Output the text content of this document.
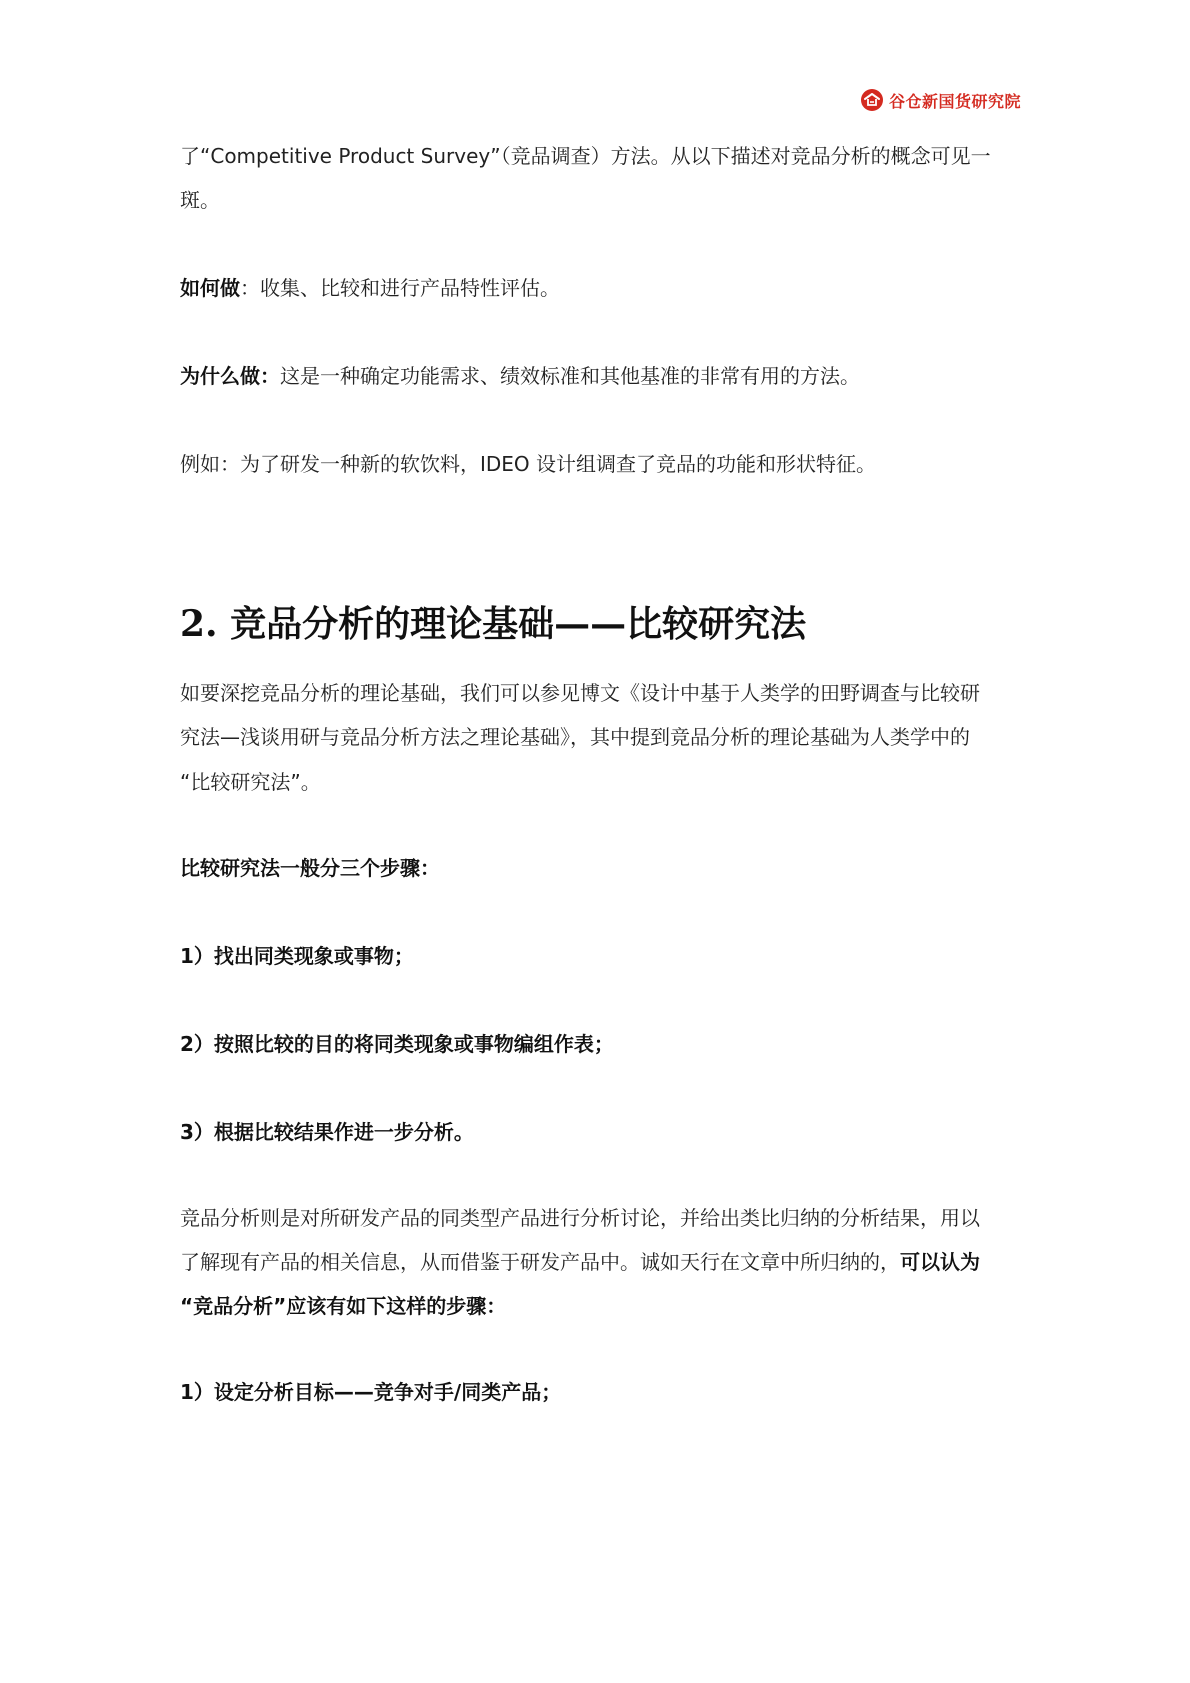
谷仓新国货研究院

了“Competitive Product Survey”（竞品调查）方法。从以下描述对竞品分析的概念可见一

斑。

如何做：收集、比较和进行产品特性评估。

为什么做：这是一种确定功能需求、绩效标准和其他基准的非常有用的方法。

例如：为了研发一种新的软饮料，IDEO 设计组调查了竞品的功能和形状特征。

2. 竞品分析的理论基础——比较研究法

如要深挖竞品分析的理论基础，我们可以参见博文《设计中基于人类学的田野调查与比较研

究法—浅谈用研与竞品分析方法之理论基础》，其中提到竞品分析的理论基础为人类学中的

“比较研究法”。

比较研究法一般分三个步骤：

1）找出同类现象或事物；

2）按照比较的目的将同类现象或事物编组作表；

3）根据比较结果作进一步分析。

竞品分析则是对所研发产品的同类型产品进行分析讨论，并给出类比归纳的分析结果，用以

了解现有产品的相关信息，从而借鉴于研发产品中。诚如天行在文章中所归纳的，可以认为

“竞品分析”应该有如下这样的步骤：

1）设定分析目标——竞争对手/同类产品；
